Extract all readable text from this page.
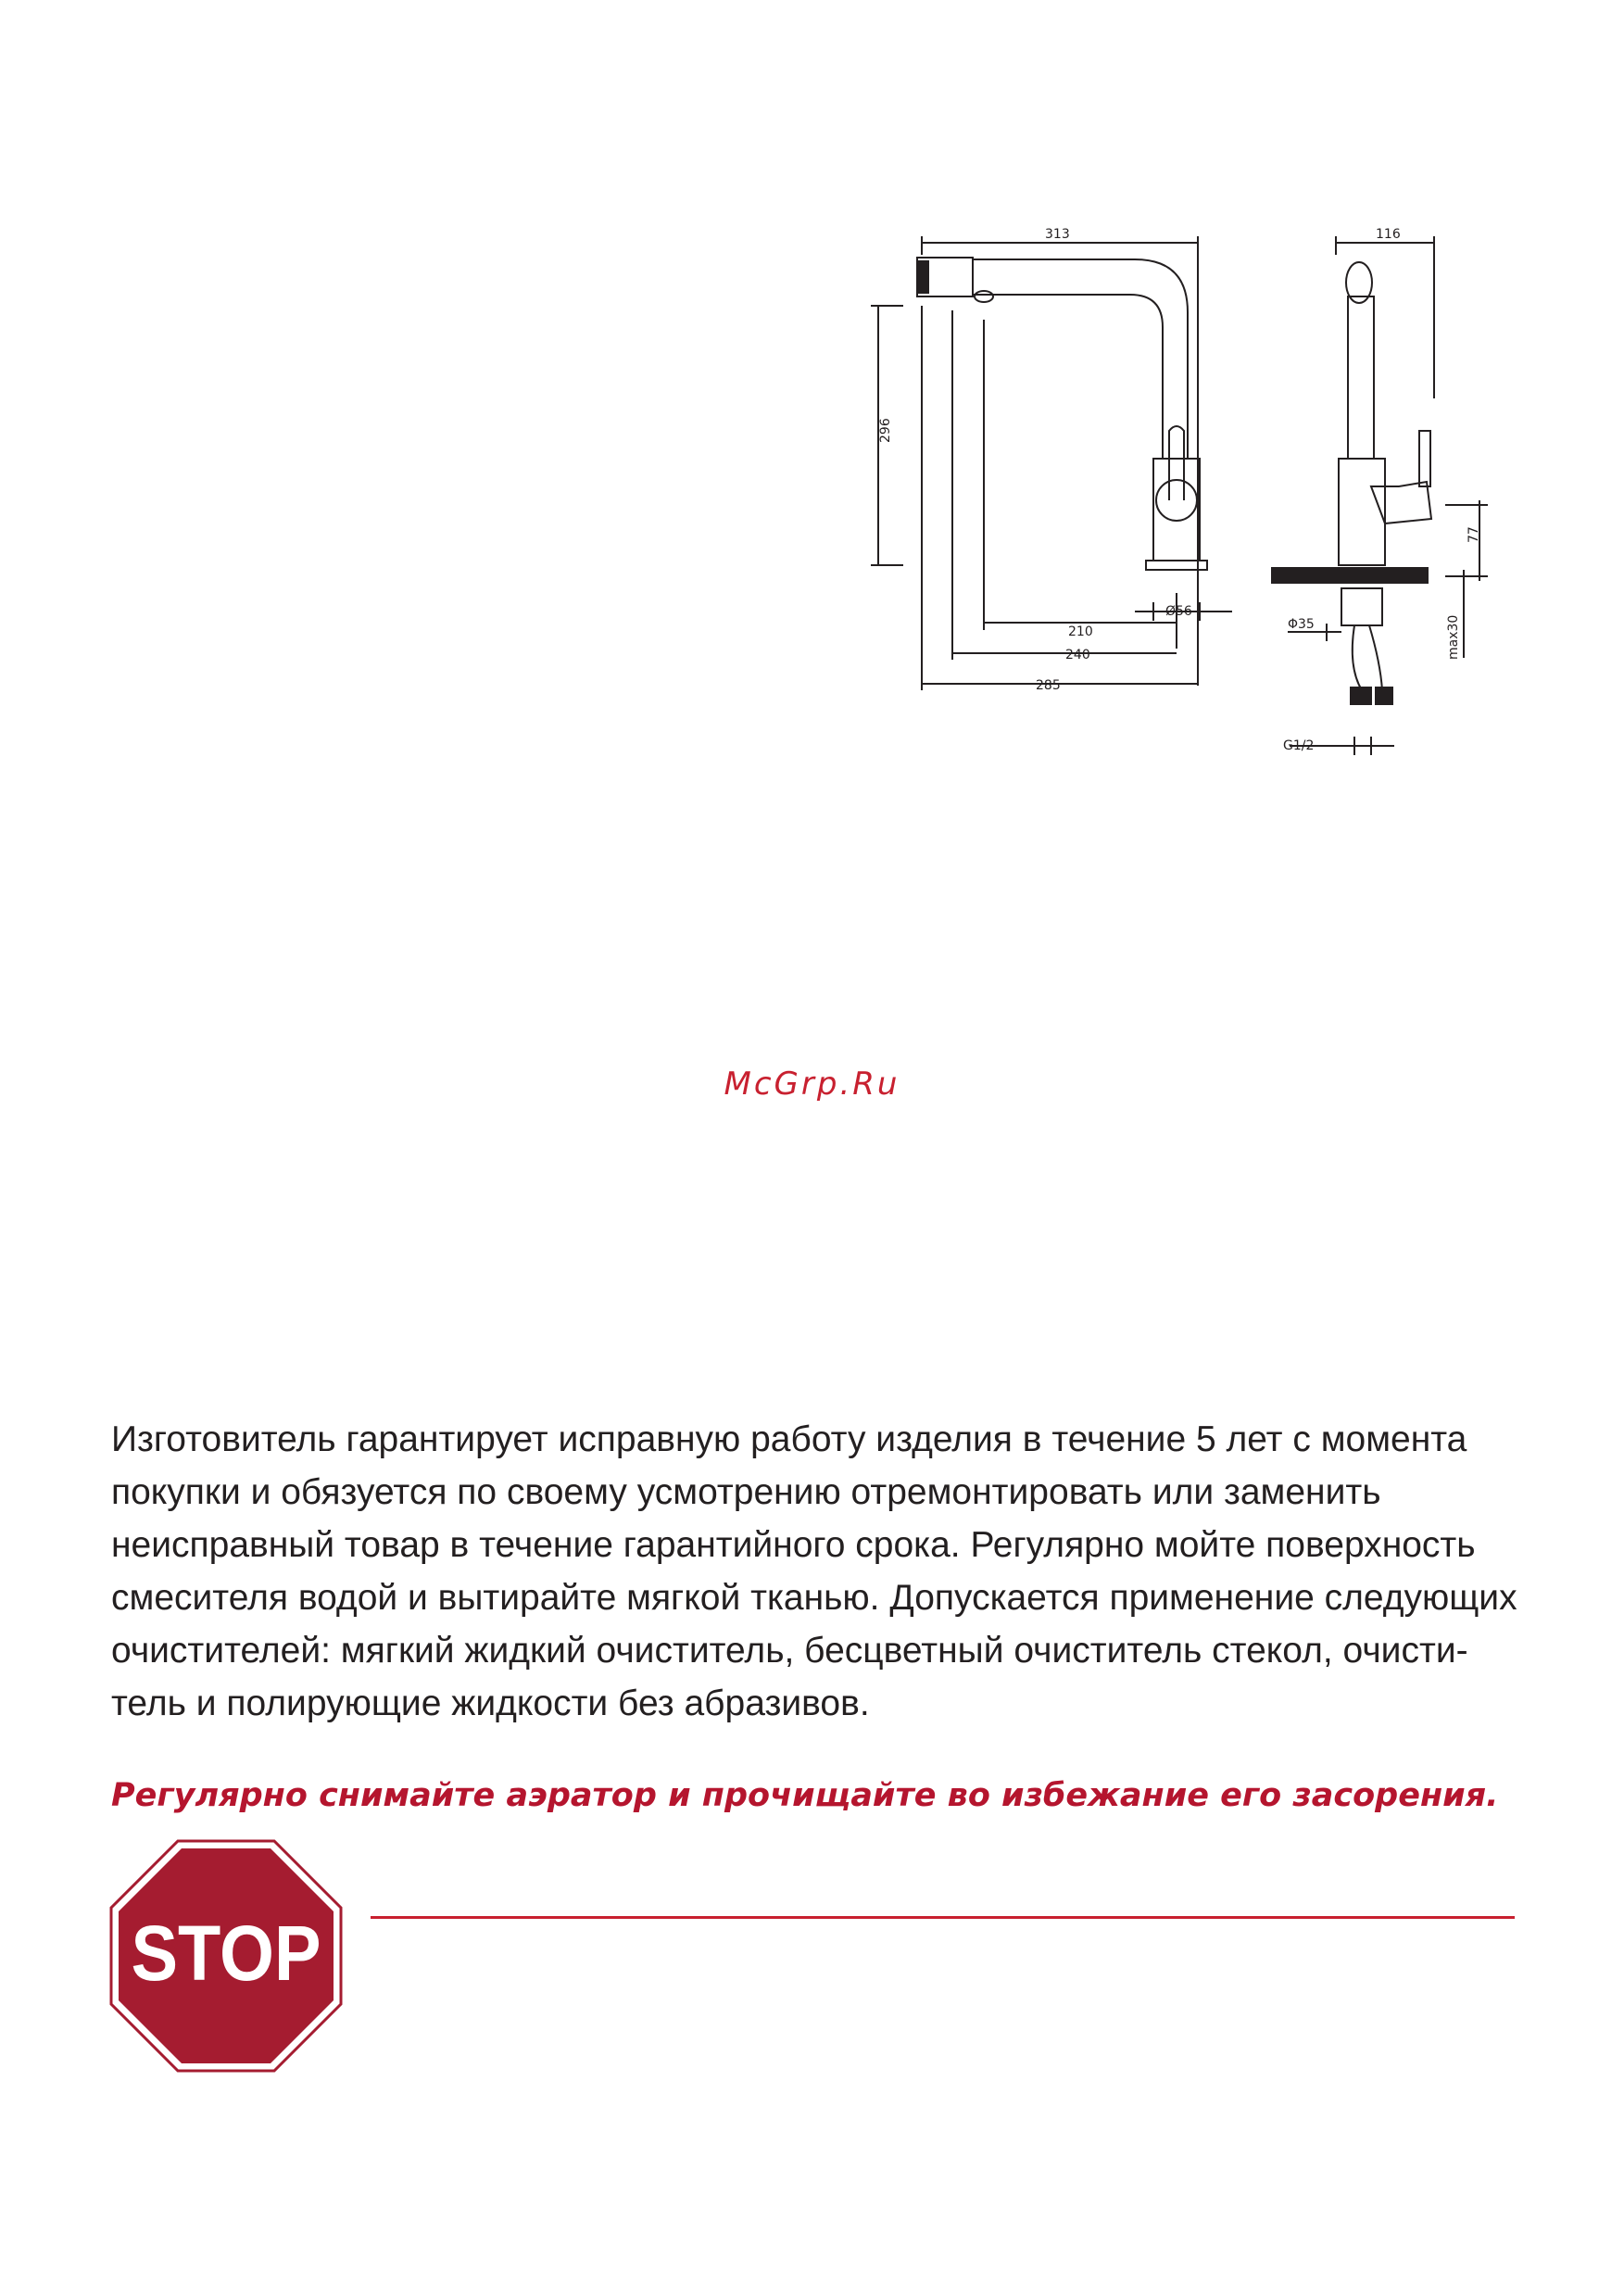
313
296
Ø56
210
240
285
116
77
Φ35	max30
G1/2
McGrp.Ru

Изготовитель гарантирует исправную работу изделия в течение 5 лет с момента
покупки и обязуется по своему усмотрению отремонтировать или заменить
неисправный товар в течение гарантийного срока. Регулярно мойте поверхность
смесителя водой и вытирайте мягкой тканью. Допускается применение следующих
очистителей: мягкий жидкий очиститель, бесцветный очиститель стекол, очисти-
тель и полирующие жидкости без абразивов.

Регулярно снимайте аэратор и прочищайте во избежание его засорения.

STOP
